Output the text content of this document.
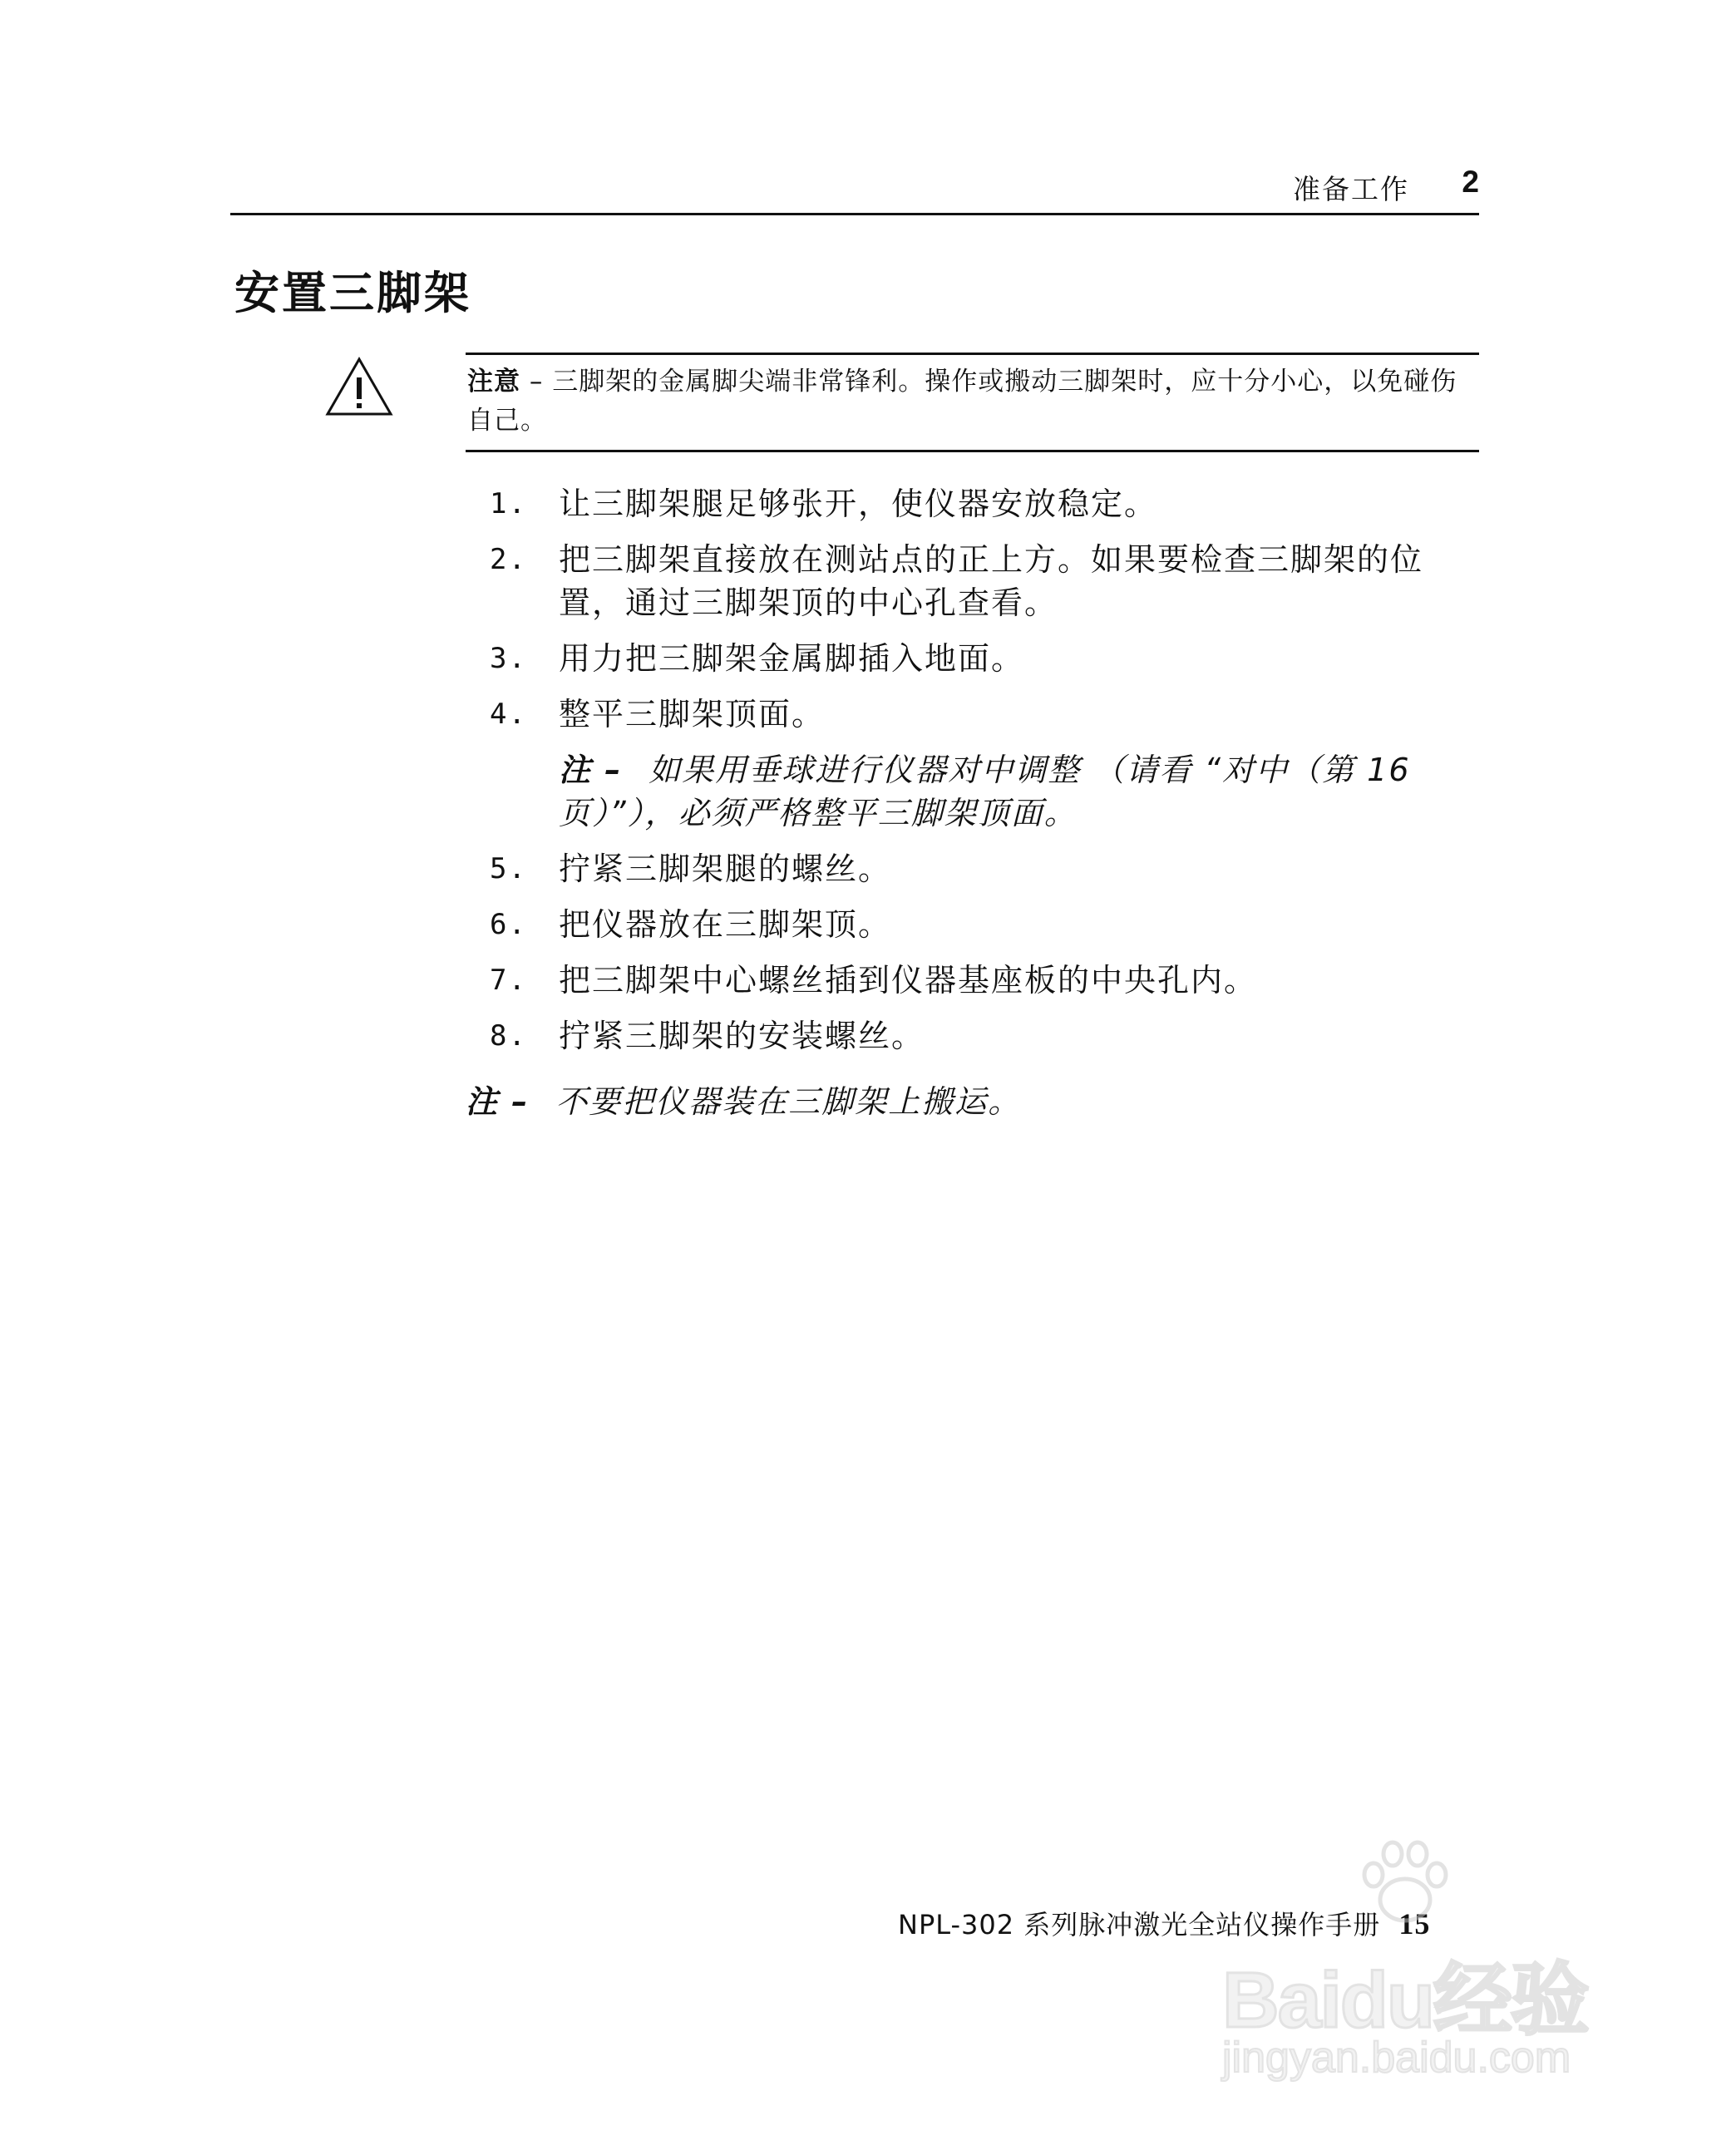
准备工作 2
安置三脚架
注意 – 三脚架的金属脚尖端非常锋利。操作或搬动三脚架时，应十分小心，以免碰伤自己。
1. 让三脚架腿足够张开，使仪器安放稳定。
2. 把三脚架直接放在测站点的正上方。如果要检查三脚架的位置，通过三脚架顶的中心孔查看。
3. 用力把三脚架金属脚插入地面。
4. 整平三脚架顶面。
注 – 如果用垂球进行仪器对中调整 （请看 “对中（第 16 页）”），必须严格整平三脚架顶面。
5. 拧紧三脚架腿的螺丝。
6. 把仪器放在三脚架顶。
7. 把三脚架中心螺丝插到仪器基座板的中央孔内。
8. 拧紧三脚架的安装螺丝。
注 – 不要把仪器装在三脚架上搬运。
NPL-302 系列脉冲激光全站仪操作手册 15
Baidu经验
jingyan.baidu.com
